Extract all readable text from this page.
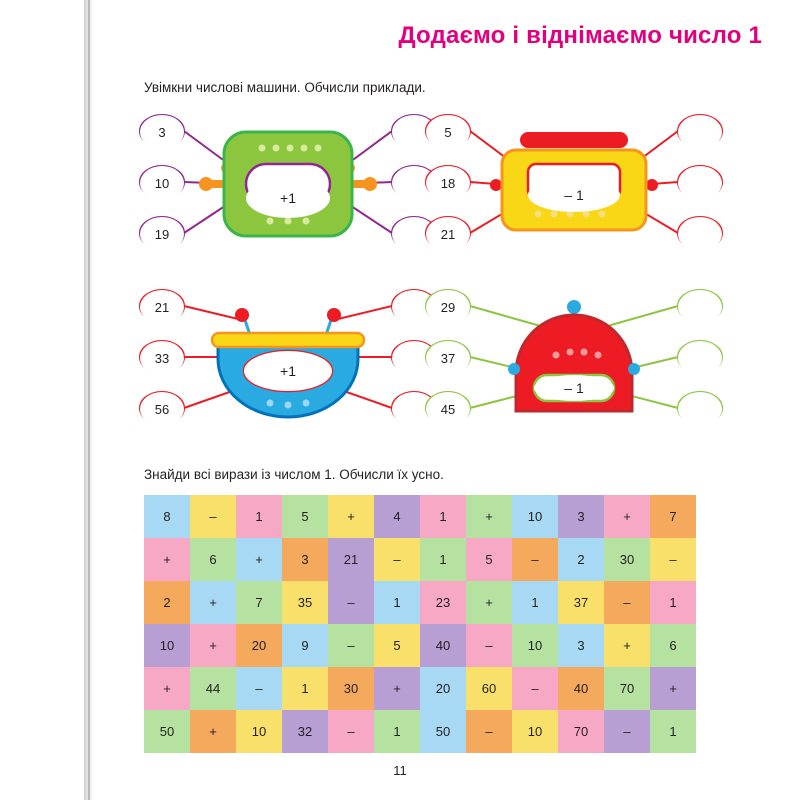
Додаємо і віднімаємо число 1
Увімкни числові машини. Обчисли приклади.
+1
3
10
19
– 1
5
18
21
+1
21
33
56
– 1
29
37
45
Знайди всі вирази із числом 1. Обчисли їх усно.
8	–	1	5	+	4	1	+	10	3	+	7
+	6	+	3	21	–	1	5	–	2	30	–
2	+	7	35	–	1	23	+	1	37	–	1
10	+	20	9	–	5	40	–	10	3	+	6
+	44	–	1	30	+	20	60	–	40	70	+
50	+	10	32	–	1	50	–	10	70	–	1
11
